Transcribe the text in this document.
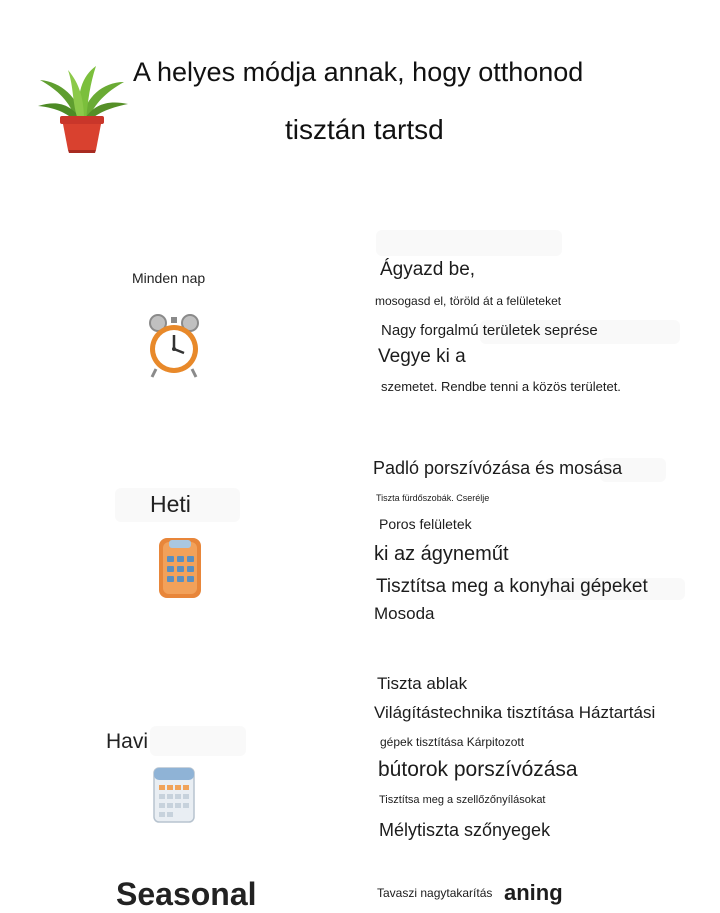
A helyes módja annak, hogy otthonod
tisztán tartsd
Minden nap	Ágyazd be,
mosogasd el, töröld át a felületeket
Nagy forgalmú területek seprése
Vegye ki a
szemetet. Rendbe tenni a közös területet.
Heti
Padló porszívózása és mosása
Tiszta fürdőszobák. Cserélje
Poros felületek
ki az ágyneműt
Tisztítsa meg a konyhai gépeket
Mosoda
Havi
Tiszta ablak
Világítástechnika tisztítása Háztartási
gépek tisztítása Kárpitozott
bútorok porszívózása
Tisztítsa meg a szellőzőnyílásokat
Mélytiszta szőnyegek
Seasonal	Tavaszi nagytakarítás aning
